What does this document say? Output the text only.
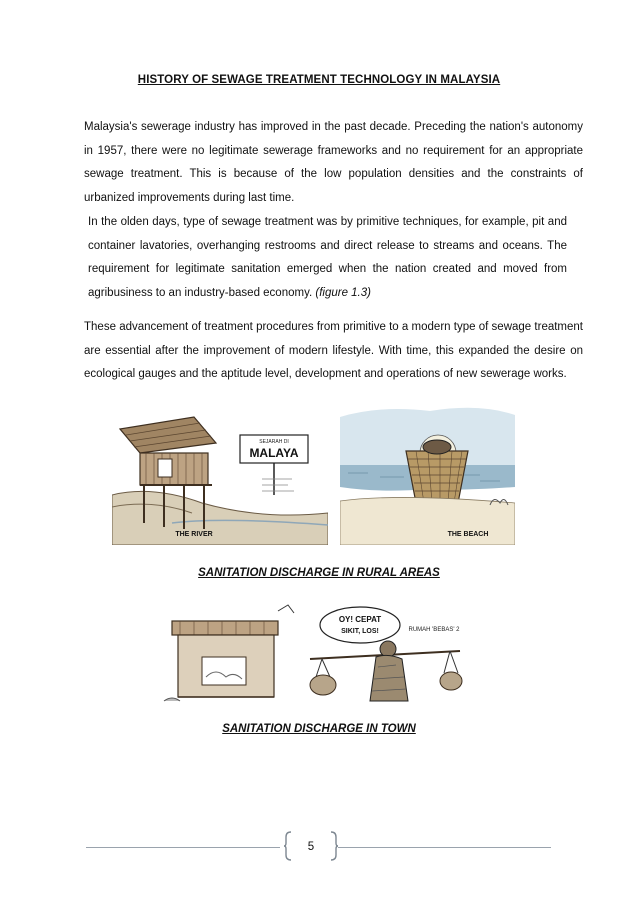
HISTORY OF SEWAGE TREATMENT TECHNOLOGY IN MALAYSIA

Malaysia's sewerage industry has improved in the past decade. Preceding the nation's autonomy in 1957, there were no legitimate sewerage frameworks and no requirement for an appropriate sewage treatment. This is because of the low population densities and the constraints of urbanized improvements during last time.

In the olden days, type of sewage treatment was by primitive techniques, for example, pit and container lavatories, overhanging restrooms and direct release to streams and oceans. The requirement for legitimate sanitation emerged when the nation created and moved from agribusiness to an industry-based economy. (figure 1.3)

These advancement of treatment procedures from primitive to a modern type of sewage treatment are essential after the improvement of modern lifestyle. With time, this expanded the desire on ecological gauges and the aptitude level, development and operations of new sewerage works.

SEJARAH DI
MALAYA
THE RIVER	THE BEACH
SANITATION DISCHARGE IN RURAL AREAS
OY! CEPAT
SIKIT, LOS!	RUMAH 'BEBAS' 2
SANITATION DISCHARGE IN TOWN
5
